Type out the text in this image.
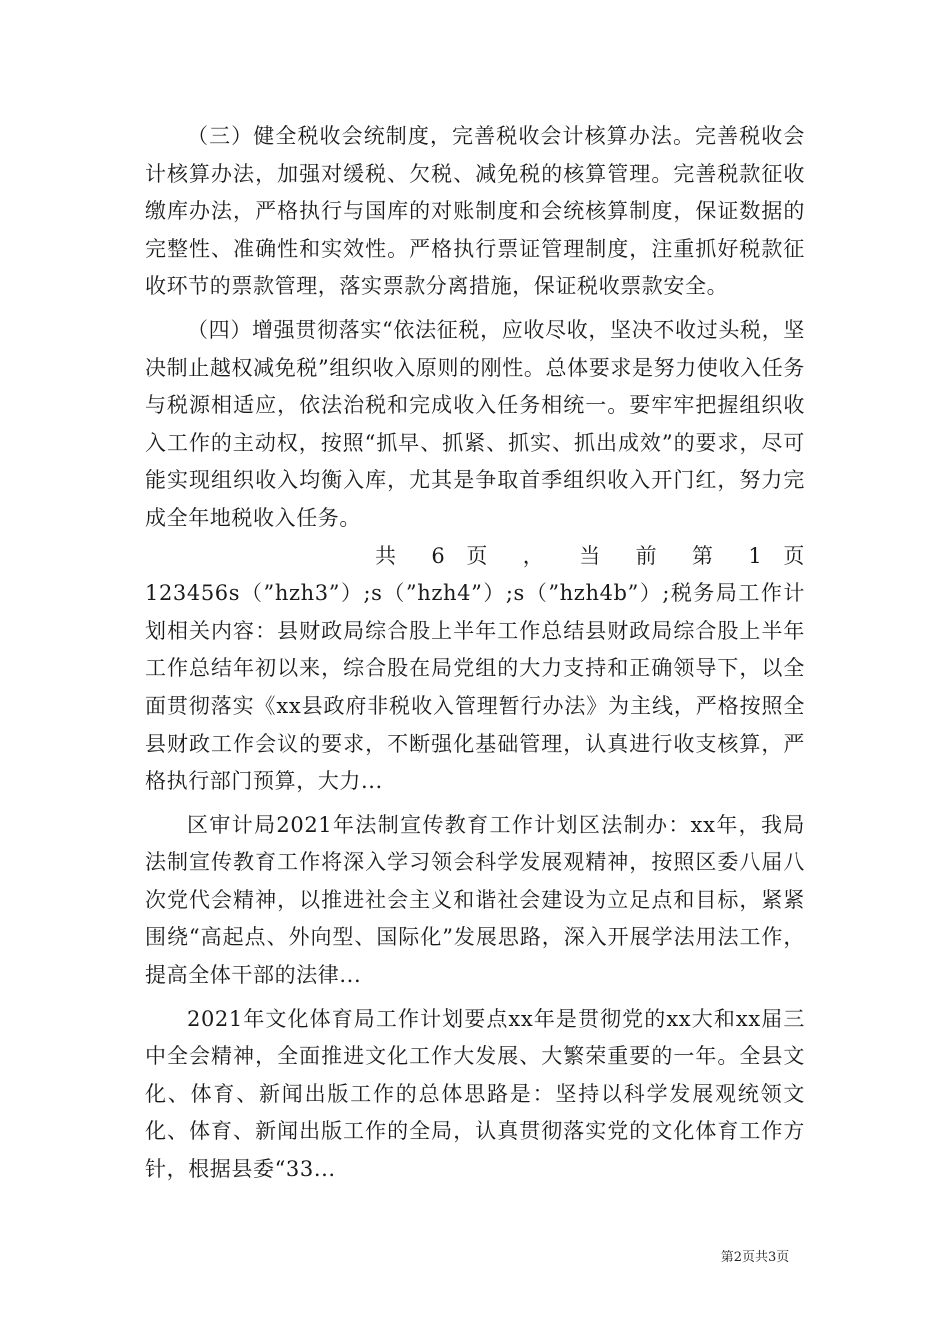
（三）健全税收会统制度，完善税收会计核算办法。完善税收会计核算办法，加强对缓税、欠税、减免税的核算管理。完善税款征收缴库办法，严格执行与国库的对账制度和会统核算制度，保证数据的完整性、准确性和实效性。严格执行票证管理制度，注重抓好税款征收环节的票款管理，落实票款分离措施，保证税收票款安全。

（四）增强贯彻落实“依法征税，应收尽收，坚决不收过头税，坚决制止越权减免税”组织收入原则的刚性。总体要求是努力使收入任务与税源相适应，依法治税和完成收入任务相统一。要牢牢把握组织收入工作的主动权，按照“抓早、抓紧、抓实、抓出成效”的要求，尽可能实现组织收入均衡入库，尤其是争取首季组织收入开门红，努力完成全年地税收入任务。

共 6 页 ， 当 前 第 1 页

123456s（”hzh3”）;s（”hzh4”）;s（”hzh4b”）;税务局工作计划相关内容：县财政局综合股上半年工作总结县财政局综合股上半年工作总结年初以来，综合股在局党组的大力支持和正确领导下，以全面贯彻落实《xx县政府非税收入管理暂行办法》为主线，严格按照全县财政工作会议的要求，不断强化基础管理，认真进行收支核算，严格执行部门预算，大力...

区审计局2021年法制宣传教育工作计划区法制办：xx年，我局法制宣传教育工作将深入学习领会科学发展观精神，按照区委八届八次党代会精神，以推进社会主义和谐社会建设为立足点和目标，紧紧围绕“高起点、外向型、国际化”发展思路，深入开展学法用法工作，提高全体干部的法律...

2021年文化体育局工作计划要点xx年是贯彻党的xx大和xx届三中全会精神，全面推进文化工作大发展、大繁荣重要的一年。全县文化、体育、新闻出版工作的总体思路是：坚持以科学发展观统领文化、体育、新闻出版工作的全局，认真贯彻落实党的文化体育工作方针，根据县委“33...

第2页共3页
